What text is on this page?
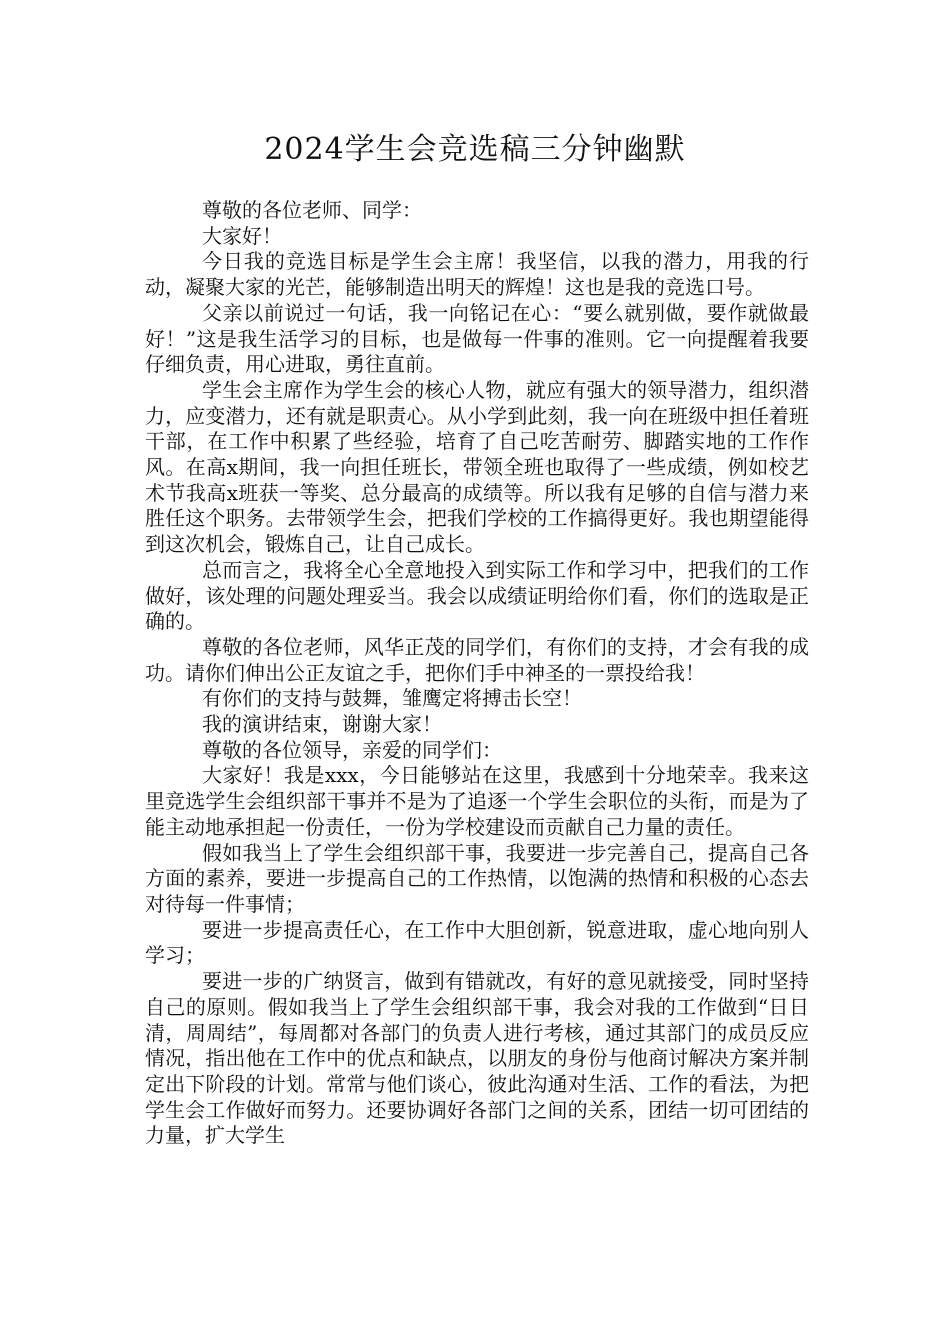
2024学生会竞选稿三分钟幽默

尊敬的各位老师、同学：

大家好！

今日我的竞选目标是学生会主席！我坚信，以我的潜力，用我的行动，凝聚大家的光芒，能够制造出明天的辉煌！这也是我的竞选口号。

父亲以前说过一句话，我一向铭记在心：“要么就别做，要作就做最好！”这是我生活学习的目标，也是做每一件事的准则。它一向提醒着我要仔细负责，用心进取，勇往直前。

学生会主席作为学生会的核心人物，就应有强大的领导潜力，组织潜力，应变潜力，还有就是职责心。从小学到此刻，我一向在班级中担任着班干部，在工作中积累了些经验，培育了自己吃苦耐劳、脚踏实地的工作作风。在高x期间，我一向担任班长，带领全班也取得了一些成绩，例如校艺术节我高x班获一等奖、总分最高的成绩等。所以我有足够的自信与潜力来胜任这个职务。去带领学生会，把我们学校的工作搞得更好。我也期望能得到这次机会，锻炼自己，让自己成长。

总而言之，我将全心全意地投入到实际工作和学习中，把我们的工作做好，该处理的问题处理妥当。我会以成绩证明给你们看，你们的选取是正确的。

尊敬的各位老师，风华正茂的同学们，有你们的支持，才会有我的成功。请你们伸出公正友谊之手，把你们手中神圣的一票投给我！

有你们的支持与鼓舞，雏鹰定将搏击长空！

我的演讲结束，谢谢大家！

尊敬的各位领导，亲爱的同学们：

大家好！我是xxx，今日能够站在这里，我感到十分地荣幸。我来这里竞选学生会组织部干事并不是为了追逐一个学生会职位的头衔，而是为了能主动地承担起一份责任，一份为学校建设而贡献自己力量的责任。

假如我当上了学生会组织部干事，我要进一步完善自己，提高自己各方面的素养，要进一步提高自己的工作热情，以饱满的热情和积极的心态去对待每一件事情；

要进一步提高责任心，在工作中大胆创新，锐意进取，虚心地向别人学习；

要进一步的广纳贤言，做到有错就改，有好的意见就接受，同时坚持自己的原则。假如我当上了学生会组织部干事，我会对我的工作做到“日日清，周周结”，每周都对各部门的负责人进行考核，通过其部门的成员反应情况，指出他在工作中的优点和缺点，以朋友的身份与他商讨解决方案并制定出下阶段的计划。常常与他们谈心，彼此沟通对生活、工作的看法，为把学生会工作做好而努力。还要协调好各部门之间的关系，团结一切可团结的力量，扩大学生
